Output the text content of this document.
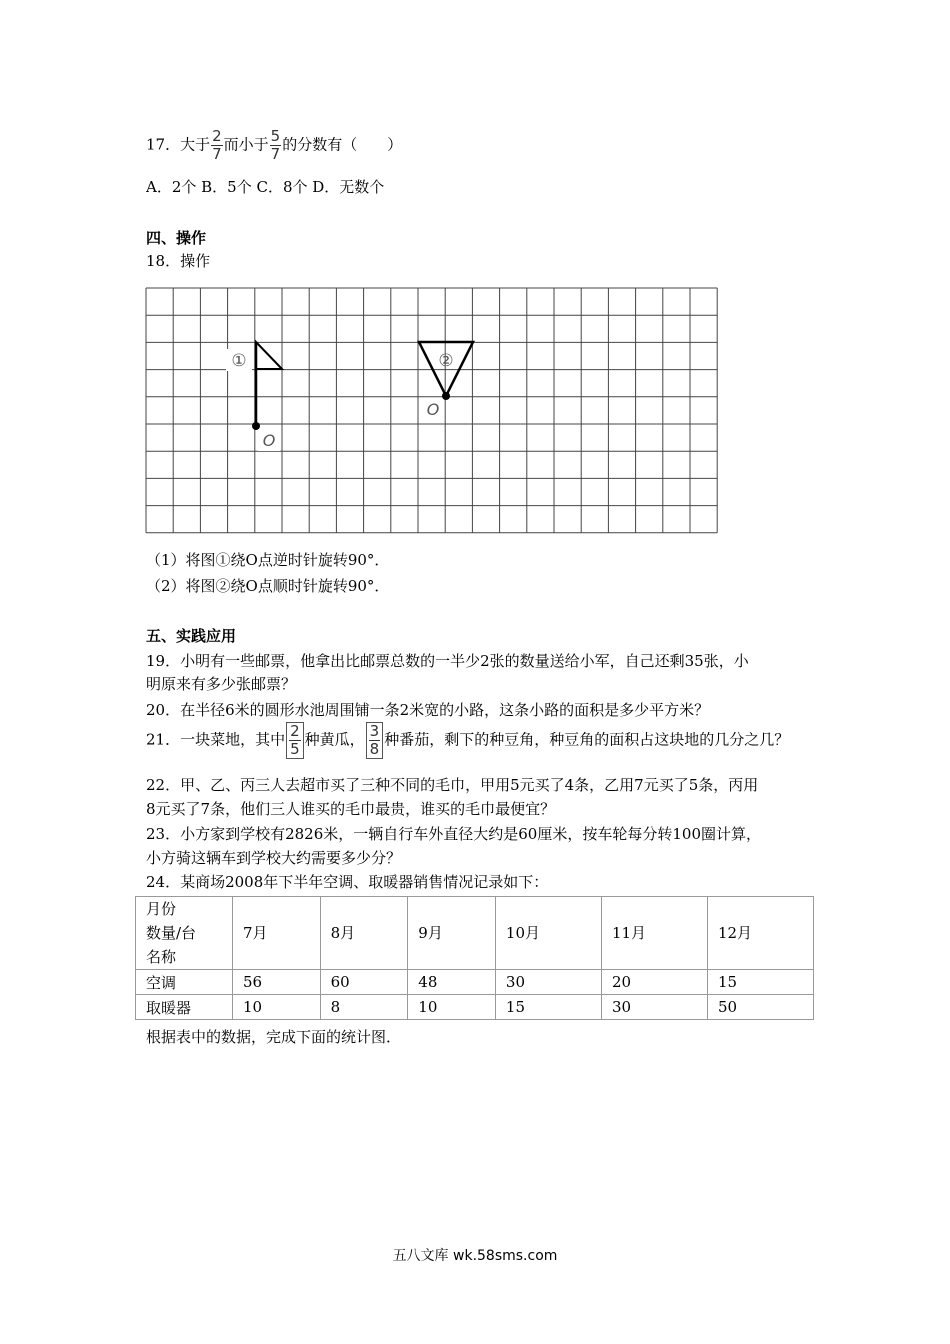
17．大于 $\frac{2}{7}$ 而小于 $\frac{5}{7}$ 的分数有（　　）
A．2个 B．5个 C．8个 D．无数个
四、操作
18．操作
①	②
O
O
（1）将图①绕O点逆时针旋转90°．
（2）将图②绕O点顺时针旋转90°．
五、实践应用
19．小明有一些邮票，他拿出比邮票总数的一半少2张的数量送给小军，自己还剩35张，小
明原来有多少张邮票？
20．在半径6米的圆形水池周围铺一条2米宽的小路，这条小路的面积是多少平方米？
21．一块菜地，其中 $\frac{2}{5}$ 种黄瓜， $\frac{3}{8}$ 种番茄，剩下的种豆角，种豆角的面积占这块地的几分之几？
22．甲、乙、丙三人去超市买了三种不同的毛巾，甲用5元买了4条，乙用7元买了5条，丙用
8元买了7条，他们三人谁买的毛巾最贵，谁买的毛巾最便宜？
23．小方家到学校有2826米，一辆自行车外直径大约是60厘米，按车轮每分转100圈计算，
小方骑这辆车到学校大约需要多少分？
24．某商场2008年下半年空调、取暖器销售情况记录如下：
月份
数量/台
名称	7月	8月	9月	10月	11月	12月
空调	56	60	48	30	20	15
取暖器	10	8	10	15	30	50
根据表中的数据，完成下面的统计图．
五八文库 wk.58sms.com
